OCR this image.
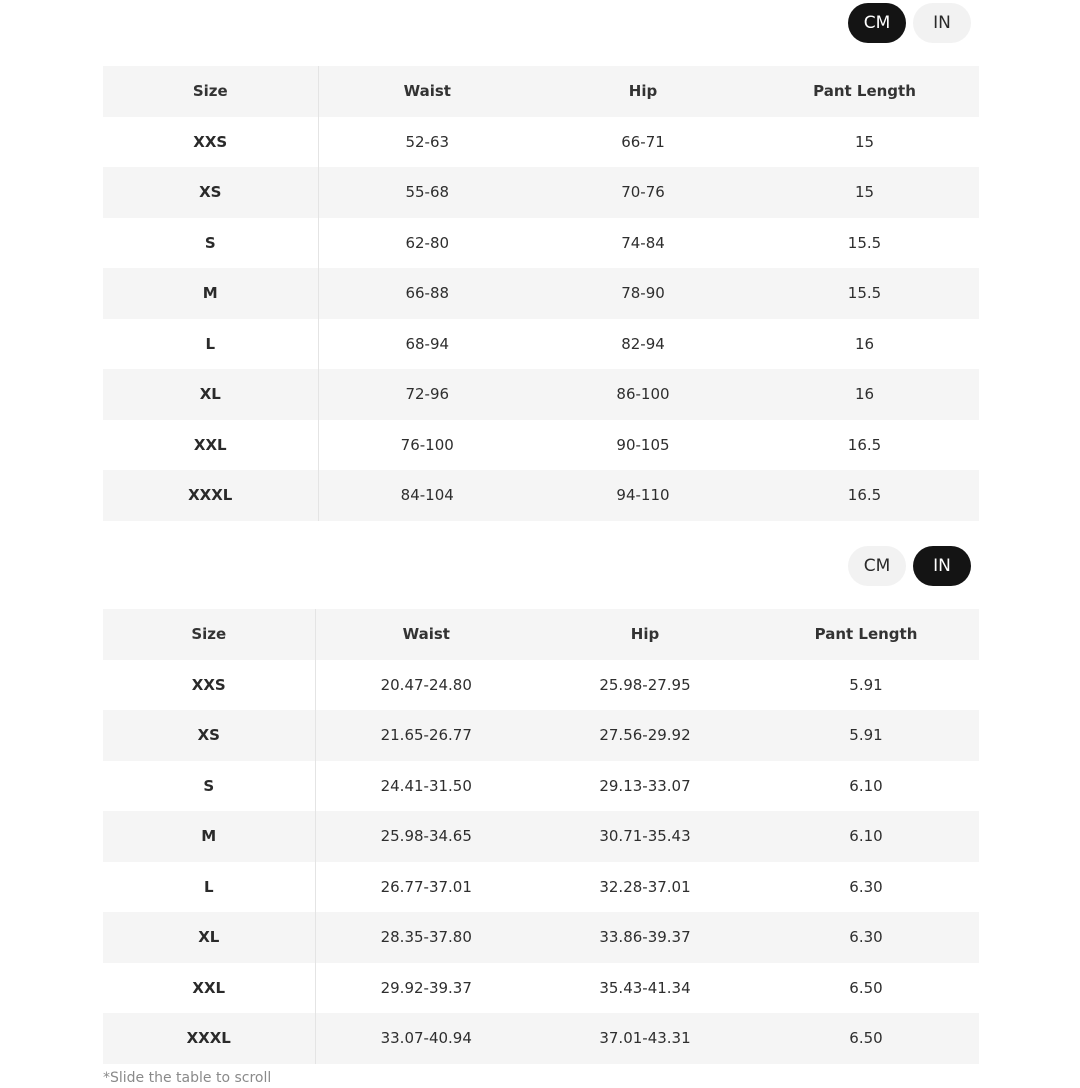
CM	IN
Size	Waist	Hip	Pant Length
XXS	52-63	66-71	15
XS	55-68	70-76	15
S	62-80	74-84	15.5
M	66-88	78-90	15.5
L	68-94	82-94	16
XL	72-96	86-100	16
XXL	76-100	90-105	16.5
XXXL	84-104	94-110	16.5
CM	IN
Size	Waist	Hip	Pant Length
XXS	20.47-24.80	25.98-27.95	5.91
XS	21.65-26.77	27.56-29.92	5.91
S	24.41-31.50	29.13-33.07	6.10
M	25.98-34.65	30.71-35.43	6.10
L	26.77-37.01	32.28-37.01	6.30
XL	28.35-37.80	33.86-39.37	6.30
XXL	29.92-39.37	35.43-41.34	6.50
XXXL	33.07-40.94	37.01-43.31	6.50

*Slide the table to scroll
